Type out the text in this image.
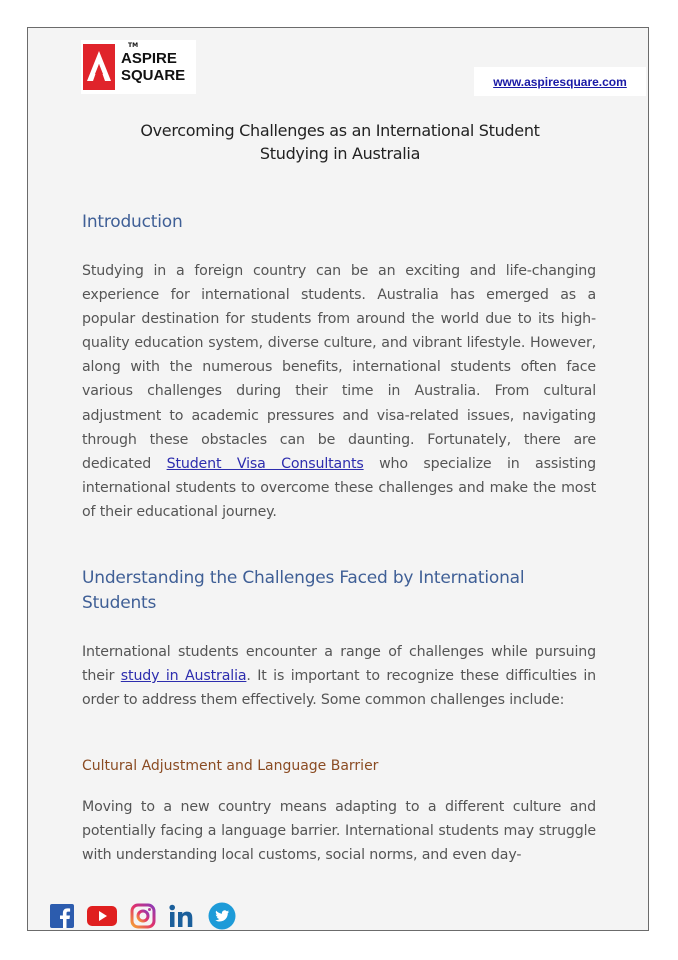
TM
ASPIRE
SQUARE	www.aspiresquare.com
Overcoming Challenges as an International Student
Studying in Australia
Introduction
Studying in a foreign country can be an exciting and life-changing experience for international students. Australia has emerged as a popular destination for students from around the world due to its high-quality education system, diverse culture, and vibrant lifestyle. However, along with the numerous benefits, international students often face various challenges during their time in Australia. From cultural adjustment to academic pressures and visa-related issues, navigating through these obstacles can be daunting. Fortunately, there are dedicated Student Visa Consultants who specialize in assisting international students to overcome these challenges and make the most of their educational journey.
Understanding the Challenges Faced by International
Students
International students encounter a range of challenges while pursuing their study in Australia. It is important to recognize these difficulties in order to address them effectively. Some common challenges include:
Cultural Adjustment and Language Barrier
Moving to a new country means adapting to a different culture and potentially facing a language barrier. International students may struggle with understanding local customs, social norms, and even day-
